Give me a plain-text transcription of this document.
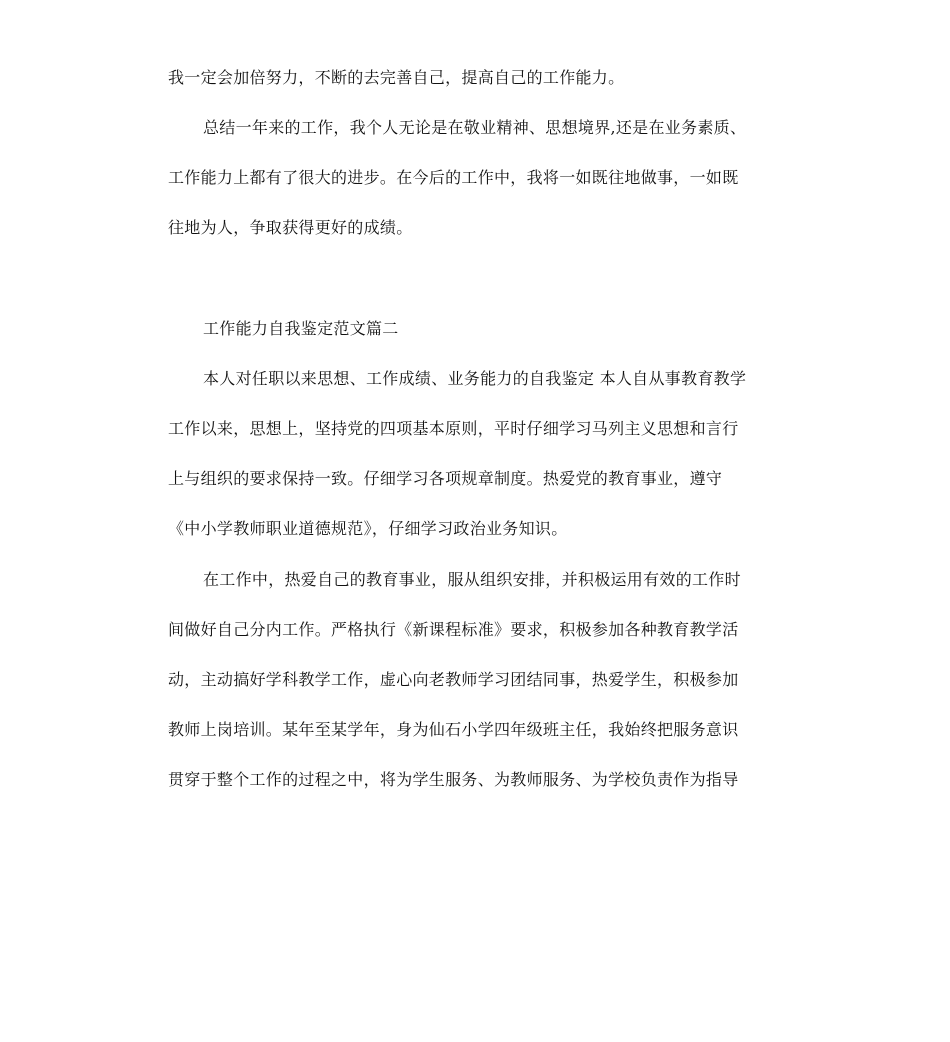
我一定会加倍努力，不断的去完善自己，提高自己的工作能力。
总结一年来的工作，我个人无论是在敬业精神、思想境界,还是在业务素质、
工作能力上都有了很大的进步。在今后的工作中，我将一如既往地做事，一如既
往地为人，争取获得更好的成绩。
工作能力自我鉴定范文篇二
本人对任职以来思想、工作成绩、业务能力的自我鉴定 本人自从事教育教学
工作以来，思想上，坚持党的四项基本原则，平时仔细学习马列主义思想和言行
上与组织的要求保持一致。仔细学习各项规章制度。热爱党的教育事业，遵守
《中小学教师职业道德规范》，仔细学习政治业务知识。
在工作中，热爱自己的教育事业，服从组织安排，并积极运用有效的工作时
间做好自己分内工作。严格执行《新课程标准》要求，积极参加各种教育教学活
动，主动搞好学科教学工作，虚心向老教师学习团结同事，热爱学生，积极参加
教师上岗培训。某年至某学年，身为仙石小学四年级班主任，我始终把服务意识
贯穿于整个工作的过程之中，将为学生服务、为教师服务、为学校负责作为指导
